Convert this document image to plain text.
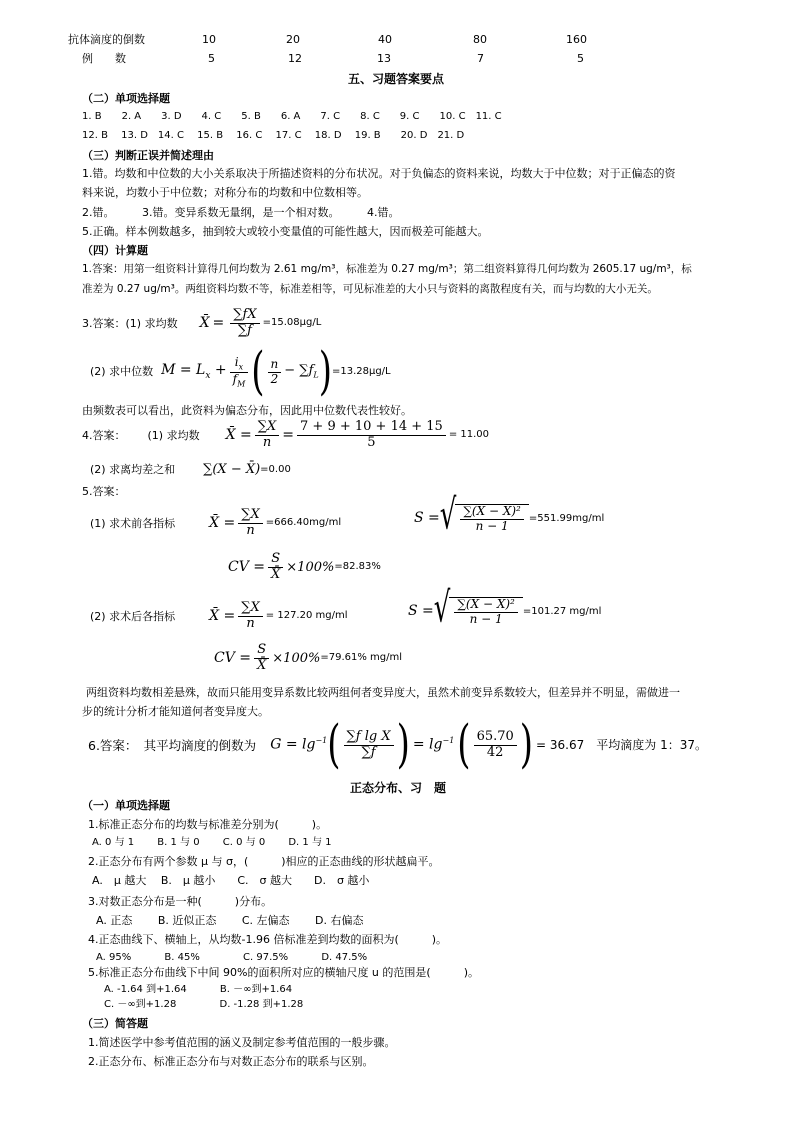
抗体滴度的倒数	10	20	40	80	160
例　　数	5	12	13	7	5
五、习题答案要点
（二）单项选择题
1. B　　2. A　　3. D　　4. C　　5. B　　6. A　　7. C　　8. C　　9. C　　10. C　11. C
12. B　 13. D　14. C　 15. B　 16. C　 17. C　 18. D　 19. B　　20. D　21. D
（三）判断正误并简述理由
1.错。均数和中位数的大小关系取决于所描述资料的分布状况。对于负偏态的资料来说，均数大于中位数；对于正偏态的资
料来说，均数小于中位数；对称分布的均数和中位数相等。
2.错。　　　3.错。变异系数无量纲，是一个相对数。　　　4.错。
5.正确。样本例数越多，抽到较大或较小变量值的可能性越大，因而极差可能越大。
（四）计算题
1.答案：用第一组资料计算得几何均数为 2.61 mg/m³，标准差为 0.27 mg/m³；第二组资料算得几何均数为 2605.17 ug/m³，标
准差为 0.27 ug/m³。两组资料均数不等，标准差相等，可见标准差的大小只与资料的离散程度有关，而与均数的大小无关。
3.答案：(1) 求均数 X̄ = $\frac{\sum fX}{\sum f} =15.08\mu g/L$
(2) 求中位数 $M = L_x + \frac{i_x}{f_M}$ ( $\frac{n}{2} - \sum f_L$ ) =13.28μg/L
由频数表可以看出，此资料为偏态分布，因此用中位数代表性较好。
4.答案： (1) 求均数 X̄ = $\frac{\sum X}{n} = \frac{7 + 9 + 10 + 14 + 15}{5} = 11.00$
(2) 求离均差之和 ∑(X − X̄) =0.00
5.答案：
(1) 求术前各指标 X̄ = $\frac{\sum X}{n} =666.40mg/ml$	S = √ $\frac{\text{∑(X − X̄)²}}{n - 1} =551.99mg/ml$
CV = $\frac{S}{X̄} \times 100\% =82.83\%$
(2) 求术后各指标 X̄ = $\frac{\sum X}{n} = 127.20$ mg/ml	S = √ $\frac{\text{∑(X − X̄)²}}{n - 1} =101.27$ mg/ml
CV = $\frac{S}{X̄} \times 100\% =79.61\%$ mg/ml
两组资料均数相差悬殊，故而只能用变异系数比较两组何者变异度大，虽然术前变异系数较大，但差异并不明显，需做进一
步的统计分析才能知道何者变异度大。
6.答案：　其平均滴度的倒数为 $G = \lg^{-1}$ ( $\frac{\text{∑f lg X}}{\sum f}$ ) = $\lg^{-1}$ ( $\frac{65.70}{42}$ ) = 36.67　平均滴度为 1：37。
正态分布、习　题
（一）单项选择题
1.标准正态分布的均数与标准差分别为(　　　)。
A. 0 与 1　　 B. 1 与 0　　 C. 0 与 0　　 D. 1 与 1
2.正态分布有两个参数 μ 与 σ，(　　　)相应的正态曲线的形状越扁平。
A.　μ 越大　 B.　μ 越小　　C.　σ 越大　　D.　σ 越小
3.对数正态分布是一种(　　　)分布。
A. 正态　　 B. 近似正态　　 C. 左偏态　　 D. 右偏态
4.正态曲线下、横轴上，从均数-1.96 倍标准差到均数的面积为(　　　)。
A. 95%　　　 B. 45%　　　　 C. 97.5%　　　 D. 47.5%
5.标准正态分布曲线下中间 90%的面积所对应的横轴尺度 u 的范围是(　　　)。
A. -1.64 到+1.64　　　 B. －∞到+1.64
C. －∞到+1.28　　　　 D. -1.28 到+1.28
（三）简答题
1.简述医学中参考值范围的涵义及制定参考值范围的一般步骤。
2.正态分布、标准正态分布与对数正态分布的联系与区别。
